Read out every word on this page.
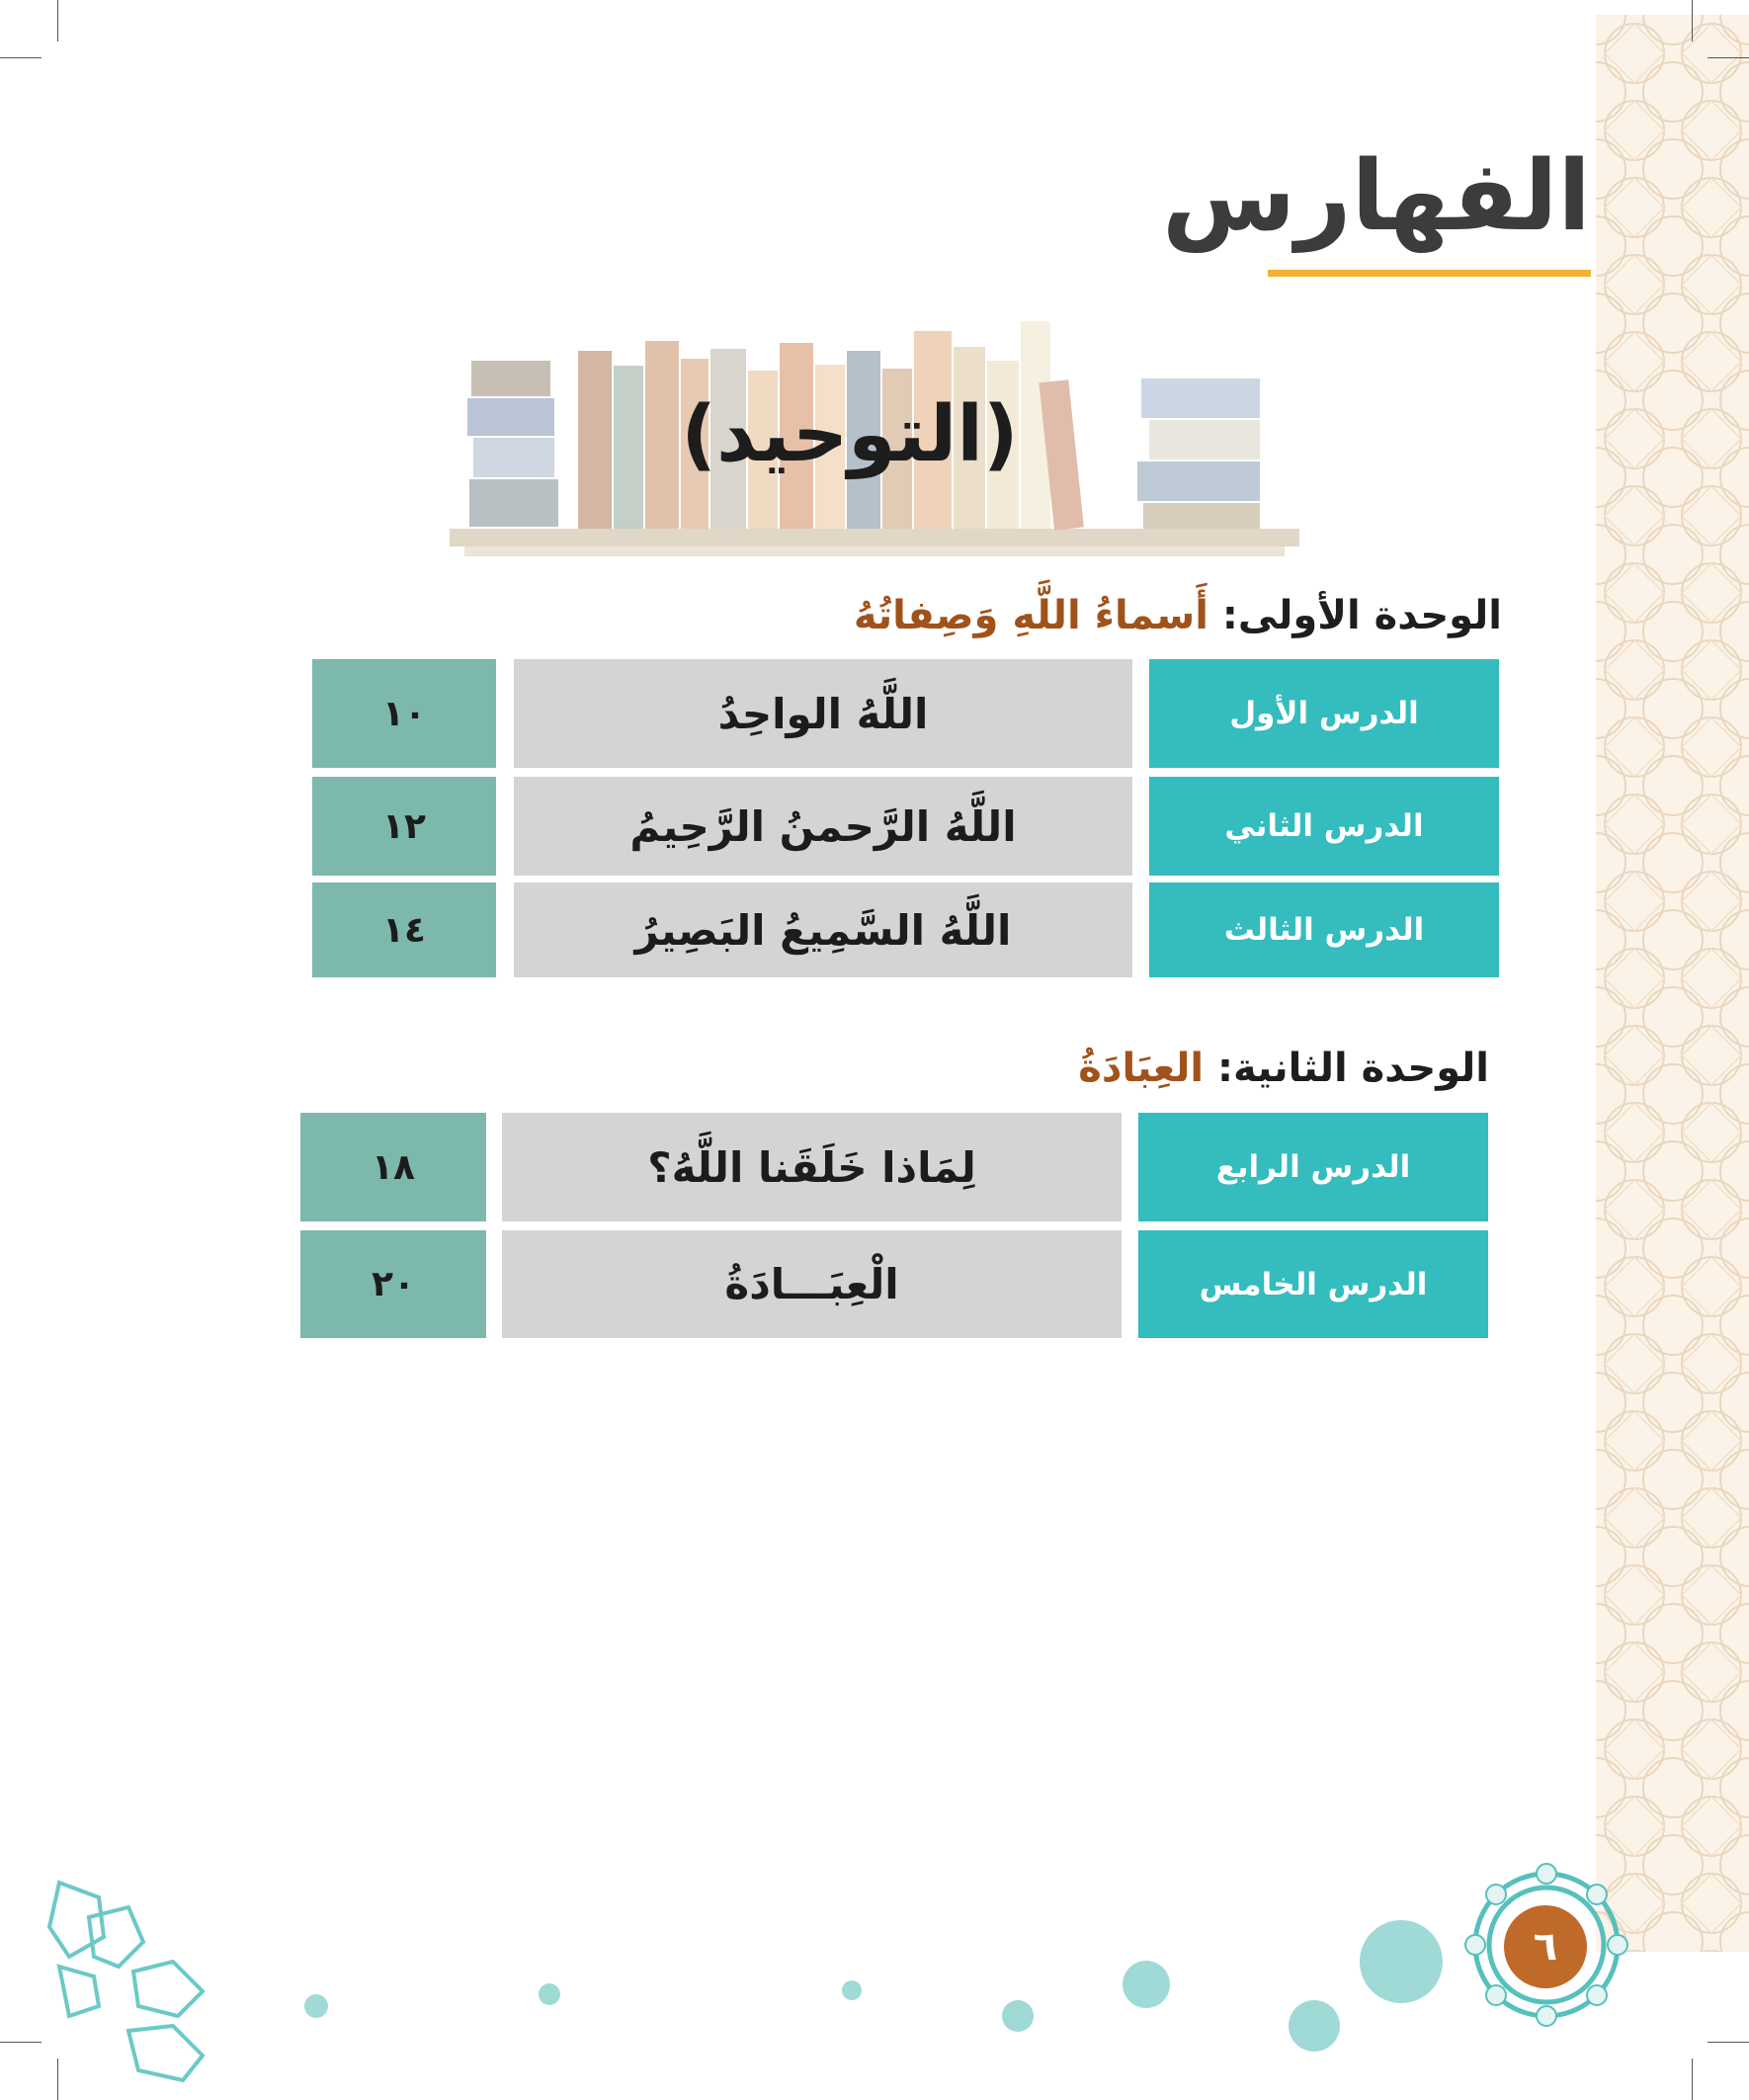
الفهارس
(التوحيد)
الوحدة الأولى: أَسماءُ اللَّهِ وَصِفاتُهُ
الدرس الأول
اللَّهُ الواحِدُ
١٠
الدرس الثاني
اللَّهُ الرَّحمنُ الرَّحِيمُ
١٢
الدرس الثالث
اللَّهُ السَّمِيعُ البَصِيرُ
١٤
الوحدة الثانية: العِبَادَةُ
الدرس الرابع
لِمَاذا خَلَقَنا اللَّهُ؟
١٨
الدرس الخامس
الْعِبَـــادَةُ
٢٠
٦
